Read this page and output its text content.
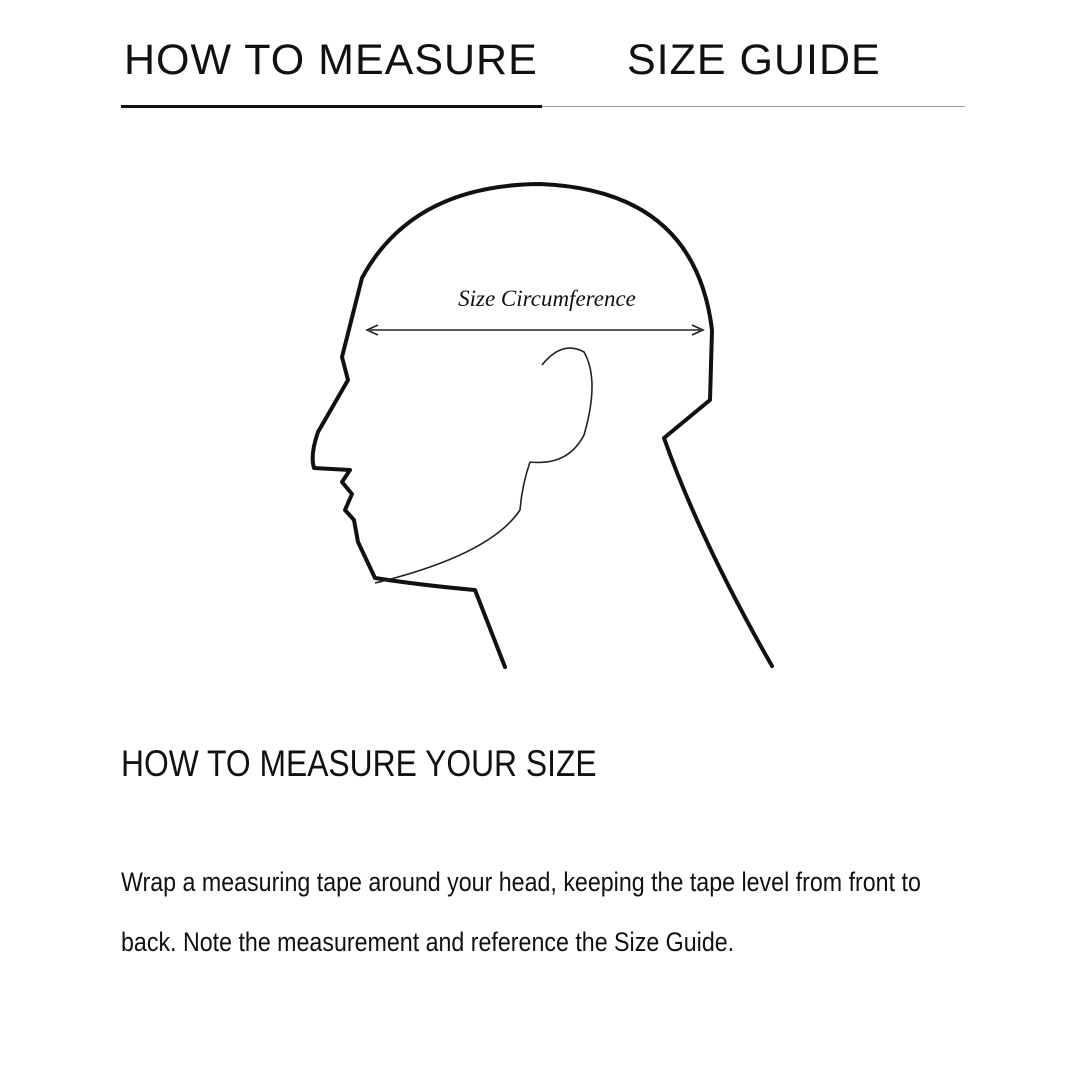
HOW TO MEASURE SIZE GUIDE
Size Circumference
HOW TO MEASURE YOUR SIZE
Wrap a measuring tape around your head, keeping the tape level from front to
back. Note the measurement and reference the Size Guide.
